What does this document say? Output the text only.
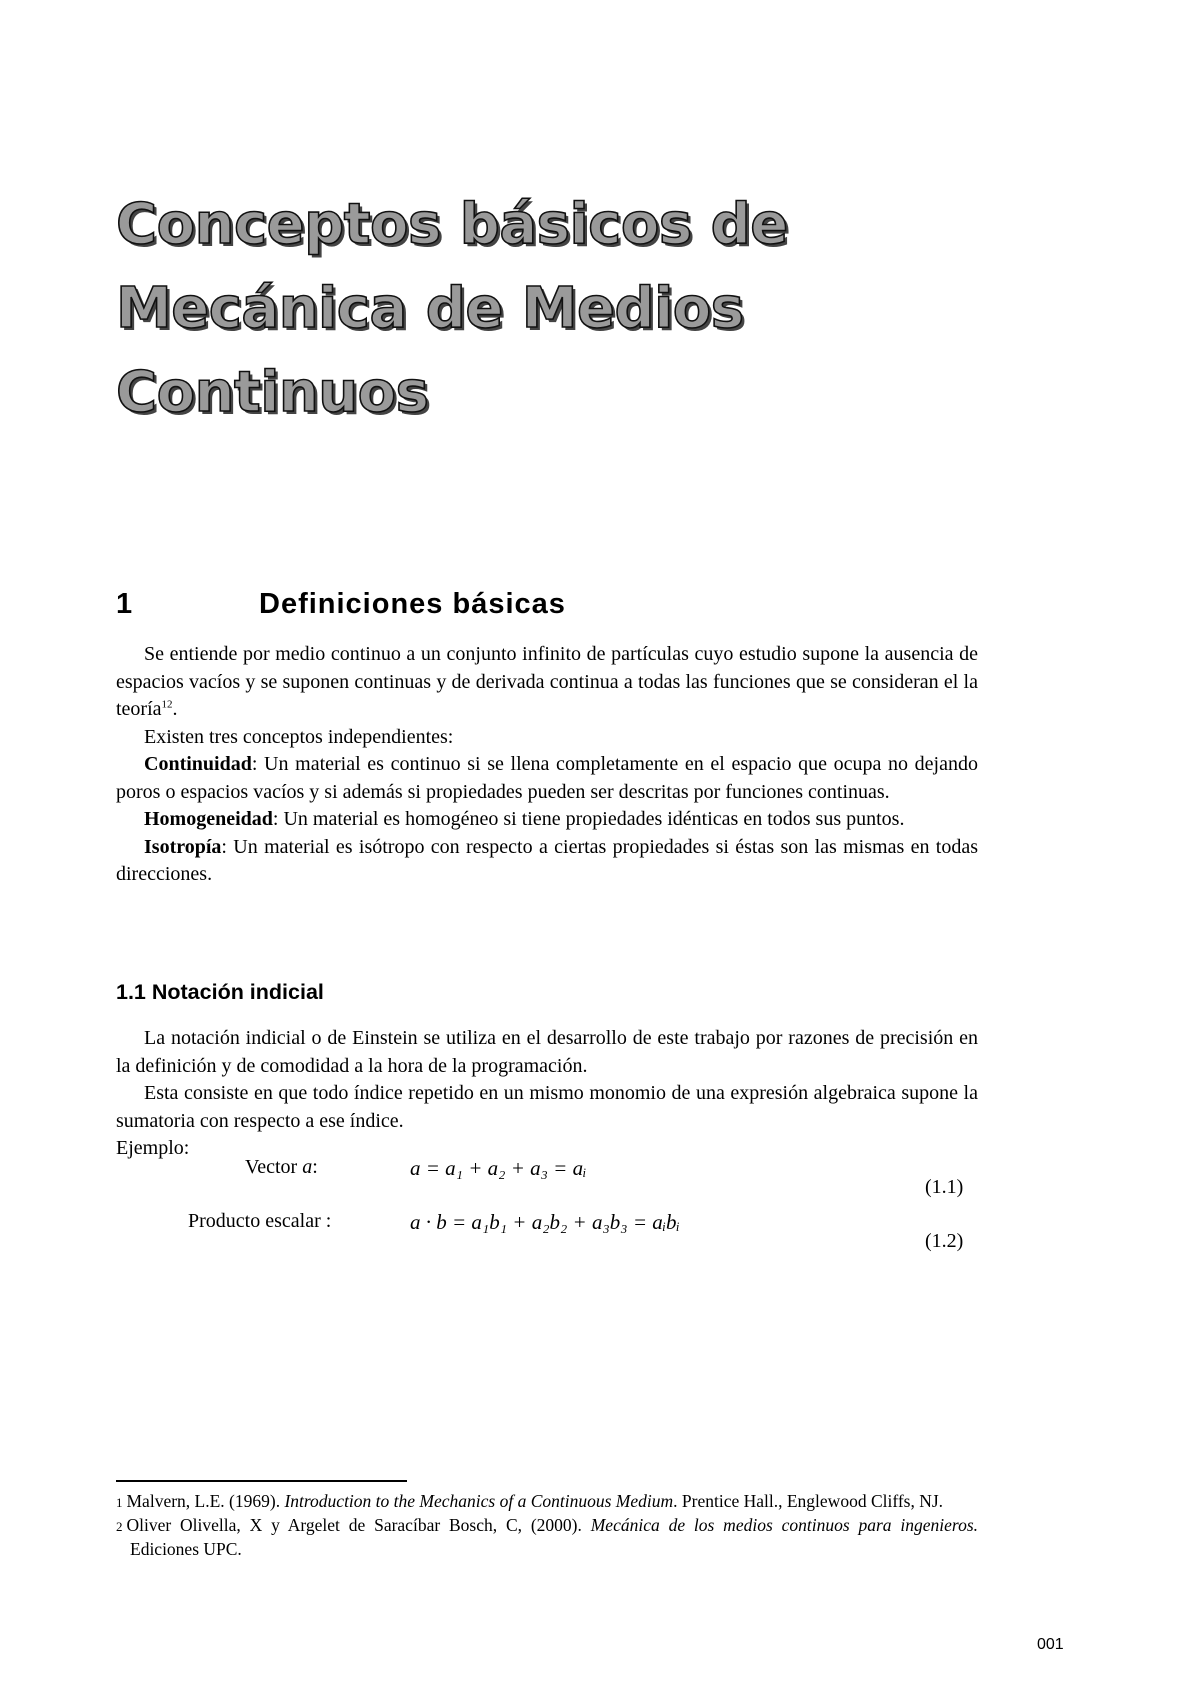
Conceptos básicos de
Mecánica de Medios
Continuos
1	Definiciones básicas

Se entiende por medio continuo a un conjunto infinito de partículas cuyo estudio supone la ausencia de espacios vacíos y se suponen continuas y de derivada continua a todas las funciones que se consideran el la teoría$^{12}$.

Existen tres conceptos independientes:

Continuidad: Un material es continuo si se llena completamente en el espacio que ocupa no dejando poros o espacios vacíos y si además si propiedades pueden ser descritas por funciones continuas.

Homogeneidad: Un material es homogéneo si tiene propiedades idénticas en todos sus puntos.

Isotropía: Un material es isótropo con respecto a ciertas propiedades si éstas son las mismas en todas direcciones.

1.1 Notación indicial

La notación indicial o de Einstein se utiliza en el desarrollo de este trabajo por razones de precisión en la definición y de comodidad a la hora de la programación.

Esta consiste en que todo índice repetido en un mismo monomio de una expresión algebraica supone la sumatoria con respecto a ese índice.

Ejemplo:

Vector a:	a = a₁ + a₂ + a₃ = aᵢ
(1.1)
Producto escalar :	a · b = a₁b₁ + a₂b₂ + a₃b₃ = aᵢbᵢ
(1.2)

1 Malvern, L.E. (1969). Introduction to the Mechanics of a Continuous Medium. Prentice Hall., Englewood Cliffs, NJ.

2 Oliver Olivella, X y Argelet de Saracíbar Bosch, C, (2000). Mecánica de los medios continuos para ingenieros. Ediciones UPC.

001
